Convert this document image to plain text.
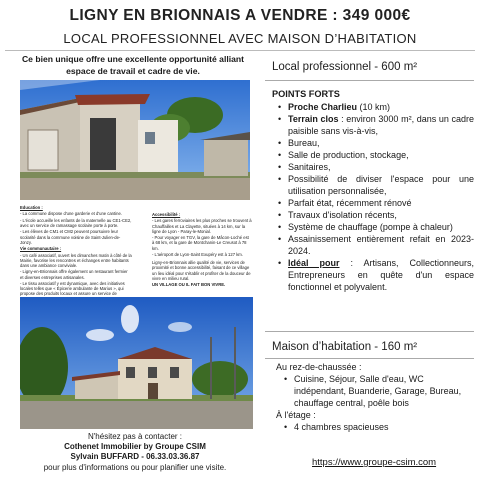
LIGNY EN BRIONNAIS A VENDRE : 349 000€
LOCAL PROFESSIONNEL AVEC MAISON D’HABITATION
Ce bien unique offre une excellente opportunité alliant
espace de travail et cadre de vie.

Education :

- La commune dispose d'une garderie et d'une cantine.

- L'école accueille les enfants de la maternelle au CE1-CE2, avec un service de ramassage scolaire porte à porte.

- Les élèves de CM1 et CM2 peuvent poursuivre leur scolarité dans la commune voisine de Saint-Julien-de-Jonzy.

Vie communautaire :

- Un café associatif, ouvert les dimanches matin à côté de la Mairie, favorise les rencontres et échanges entre habitants dans une ambiance conviviale.

- Ligny-en-Brionnais offre également un restaurant fermier et diverses entreprises artisanales.

- Le tissu associatif y est dynamique, avec des initiatives locales telles que « Épicerie ambulante de Marius », qui propose des produits locaux et assure un service de

Accessibilité :

- Les gares ferroviaires les plus proches se trouvent à Chauffailles et La Clayette, situées à 14 km, sur la ligne de Lyon - Paray-le-Monial.

- Pour voyager en TGV, la gare de Mâcon-Loché est à 68 km, et la gare de Montchanin-Le Creusot à 78 km.

- L'aéroport de Lyon-Saint Exupéry est à 127 km.

Ligny-en-Brionnais allie qualité de vie, services de proximité et bonne accessibilité, faisant de ce village un lieu idéal pour s'établir et profiter de la douceur de vivre en milieu rural.

UN VILLAGE OU IL FAIT BON VIVRE.

N'hésitez pas à contacter :
Cothenet Immobilier by Groupe CSIM
Sylvain BUFFARD - 06.33.03.36.87
pour plus d'informations ou pour planifier une visite.
Local professionnel - 600 m²
POINTS FORTS
• Proche Charlieu (10 km)
• Terrain clos : environ 3000 m², dans un cadre paisible sans vis-à-vis,
• Bureau,
• Salle de production, stockage,
• Sanitaires,
• Possibilité de diviser l'espace pour une utilisation personnalisée,
• Parfait état, récemment rénové
• Travaux d'isolation récents,
• Système de chauffage (pompe à chaleur)
• Assainissement entièrement refait en 2023-2024.
• Idéal pour : Artisans, Collectionneurs, Entrepreneurs en quête d'un espace fonctionnel et polyvalent.
Maison d’habitation - 160 m²
Au rez-de-chaussée :
• Cuisine, Séjour, Salle d'eau, WC indépendant, Buanderie, Garage, Bureau, chauffage central, poêle bois
À l'étage :
• 4 chambres spacieuses
https://www.groupe-csim.com
